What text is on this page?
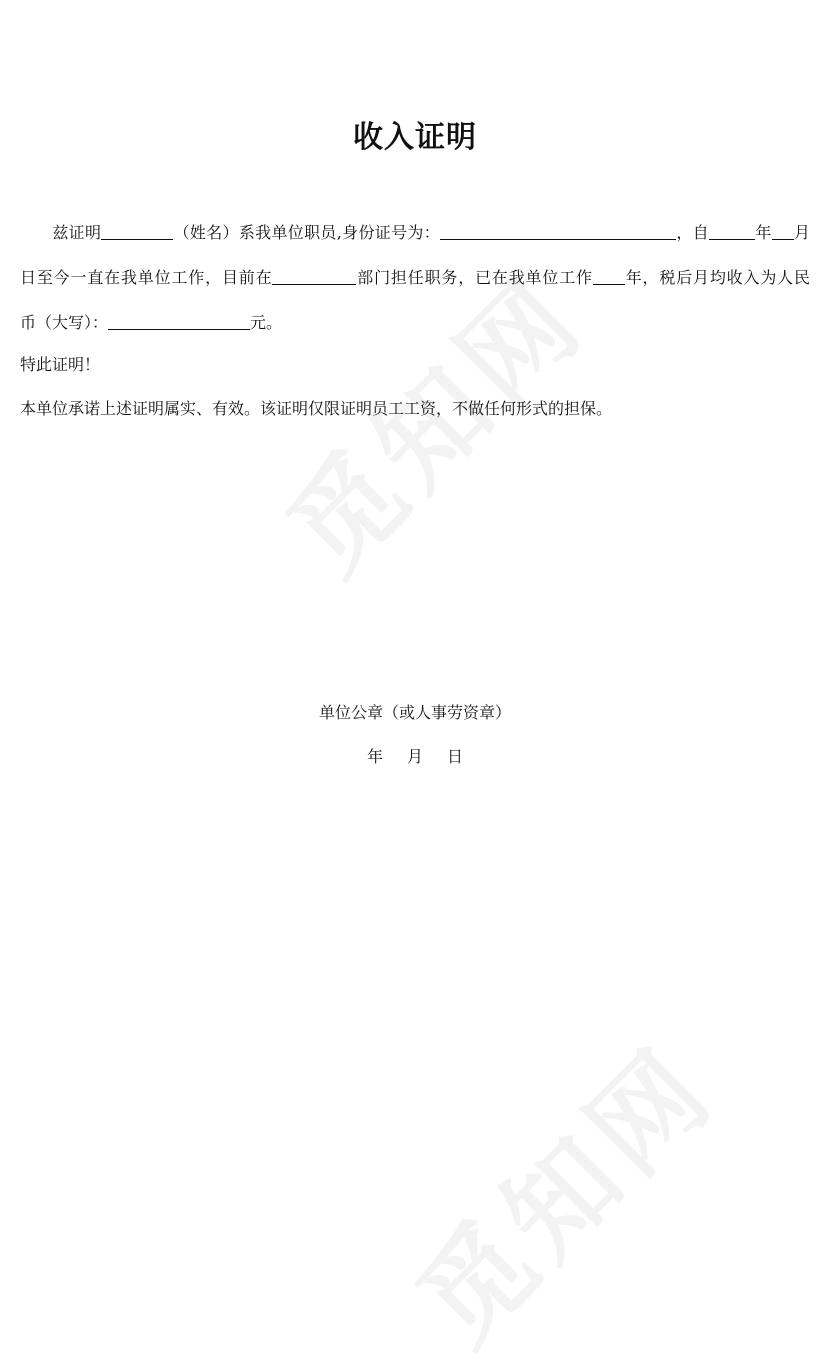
收入证明
兹证明	（姓名）系我单位职员,身份证号为：	，自	年 月
日至今一直在我单位工作，目前在	部门担任职务，已在我单位工作 年，税后月均收入为人民
币（大写）：	元。
特此证明！
本单位承诺上述证明属实、有效。该证明仅限证明员工工资，不做任何形式的担保。
单位公章（或人事劳资章）
年 月 日
